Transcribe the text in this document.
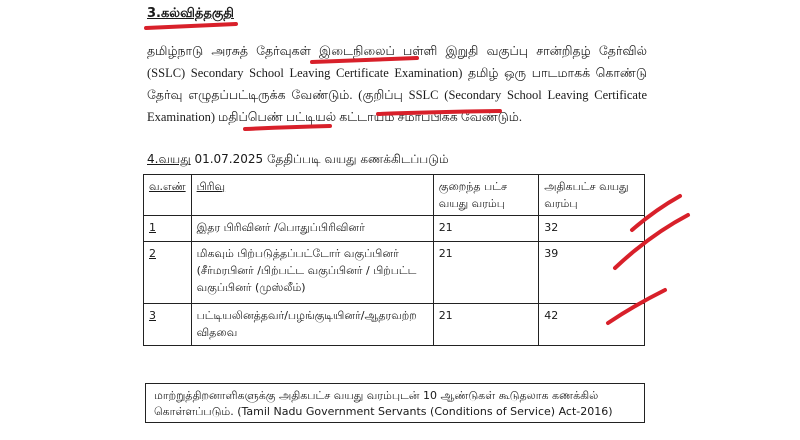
3.கல்வித்தகுதி

தமிழ்நாடு அரசுத் தேர்வுகள் இடைநிலைப் பள்ளி இறுதி வகுப்பு சான்றிதழ் தேர்வில் (SSLC) Secondary School Leaving Certificate Examination) தமிழ் ஒரு பாடமாகக் கொண்டு தேர்வு எழுதப்பட்டிருக்க வேண்டும். (குறிப்பு SSLC (Secondary School Leaving Certificate Examination) மதிப்பெண் பட்டியல் கட்டாயம் சமர்ப்பிக்க வேண்டும்.

4.வயது 01.07.2025 தேதிப்படி வயது கணக்கிடப்படும்
வ.எண்	பிரிவு	குறைந்த பட்ச வயது வரம்பு	அதிகபட்ச வயது வரம்பு
1	இதர பிரிவினர் /பொதுப்பிரிவினர்	21	32
2	மிகவும் பிற்படுத்தப்பட்டோர் வகுப்பினர் (சீர்மரபினர் /பிற்பட்ட வகுப்பினர் / பிற்பட்ட வகுப்பினர் (முஸ்லீம்)	21	39
3	பட்டியலினத்தவர்/பழங்குடியினர்/ஆதரவற்ற விதவை	21	42
மாற்றுத்திறனாளிகளுக்கு அதிகபட்ச வயது வரம்புடன் 10 ஆண்டுகள் கூடுதலாக கணக்கில் கொள்ளப்படும். (Tamil Nadu Government Servants (Conditions of Service) Act-2016)
